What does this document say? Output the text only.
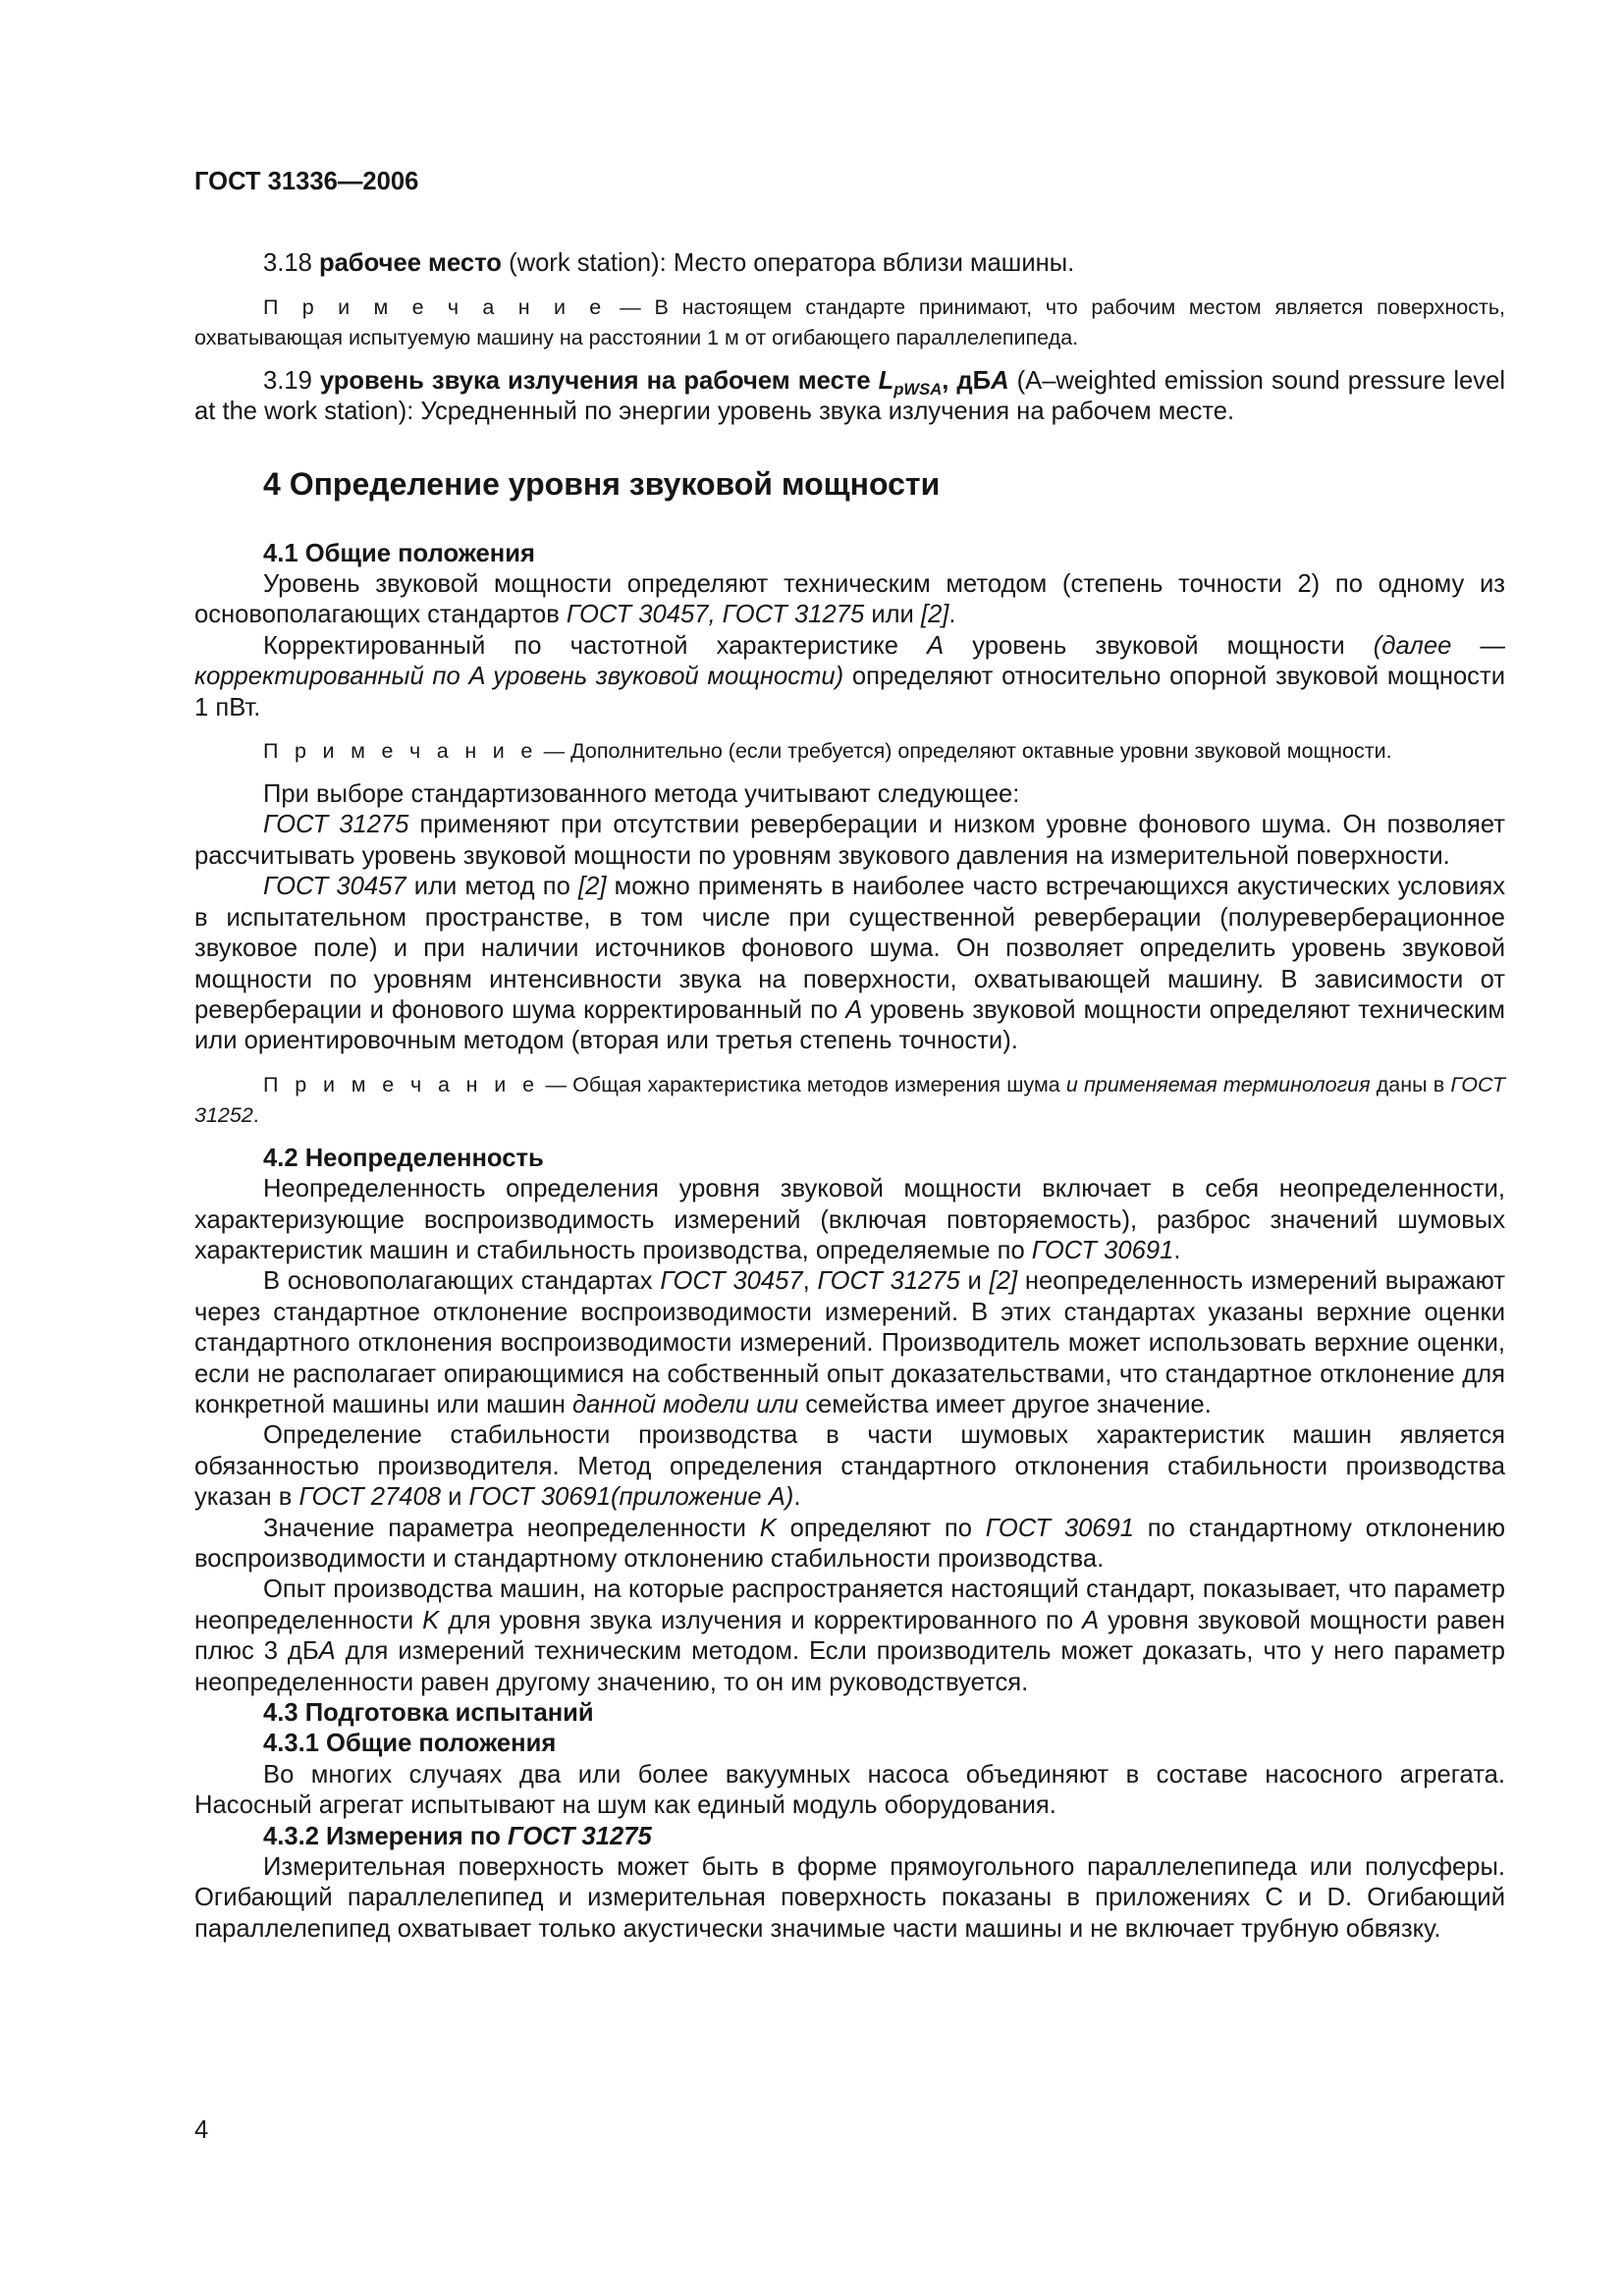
ГОСТ 31336—2006

3.18 рабочее место (work station): Место оператора вблизи машины.

П р и м е ч а н и е — В настоящем стандарте принимают, что рабочим местом является поверхность, охватывающая испытуемую машину на расстоянии 1 м от огибающего параллелепипеда.

3.19 уровень звука излучения на рабочем месте $L_{pWSA}$, дБA (A–weighted emission sound pressure level at the work station): Усредненный по энергии уровень звука излучения на рабочем месте.

4 Определение уровня звуковой мощности

4.1 Общие положения

Уровень звуковой мощности определяют техническим методом (степень точности 2) по одному из основополагающих стандартов ГОСТ 30457, ГОСТ 31275 или [2].

Корректированный по частотной характеристике A уровень звуковой мощности (далее — корректированный по A уровень звуковой мощности) определяют относительно опорной звуковой мощности 1 пВт.

П р и м е ч а н и е — Дополнительно (если требуется) определяют октавные уровни звуковой мощности.

При выборе стандартизованного метода учитывают следующее:

ГОСТ 31275 применяют при отсутствии реверберации и низком уровне фонового шума. Он позволяет рассчитывать уровень звуковой мощности по уровням звукового давления на измерительной поверхности.

ГОСТ 30457 или метод по [2] можно применять в наиболее часто встречающихся акустических условиях в испытательном пространстве, в том числе при существенной реверберации (полуреверберационное звуковое поле) и при наличии источников фонового шума. Он позволяет определить уровень звуковой мощности по уровням интенсивности звука на поверхности, охватывающей машину. В зависимости от реверберации и фонового шума корректированный по A уровень звуковой мощности определяют техническим или ориентировочным методом (вторая или третья степень точности).

П р и м е ч а н и е — Общая характеристика методов измерения шума и применяемая терминология даны в ГОСТ 31252.

4.2 Неопределенность

Неопределенность определения уровня звуковой мощности включает в себя неопределенности, характеризующие воспроизводимость измерений (включая повторяемость), разброс значений шумовых характеристик машин и стабильность производства, определяемые по ГОСТ 30691.

В основополагающих стандартах ГОСТ 30457, ГОСТ 31275 и [2] неопределенность измерений выражают через стандартное отклонение воспроизводимости измерений. В этих стандартах указаны верхние оценки стандартного отклонения воспроизводимости измерений. Производитель может использовать верхние оценки, если не располагает опирающимися на собственный опыт доказательствами, что стандартное отклонение для конкретной машины или машин данной модели или семейства имеет другое значение.

Определение стабильности производства в части шумовых характеристик машин является обязанностью производителя. Метод определения стандартного отклонения стабильности производства указан в ГОСТ 27408 и ГОСТ 30691(приложение A).

Значение параметра неопределенности K определяют по ГОСТ 30691 по стандартному отклонению воспроизводимости и стандартному отклонению стабильности производства.

Опыт производства машин, на которые распространяется настоящий стандарт, показывает, что параметр неопределенности K для уровня звука излучения и корректированного по A уровня звуковой мощности равен плюс 3 дБA для измерений техническим методом. Если производитель может доказать, что у него параметр неопределенности равен другому значению, то он им руководствуется.

4.3 Подготовка испытаний

4.3.1 Общие положения

Во многих случаях два или более вакуумных насоса объединяют в составе насосного агрегата. Насосный агрегат испытывают на шум как единый модуль оборудования.

4.3.2 Измерения по ГОСТ 31275

Измерительная поверхность может быть в форме прямоугольного параллелепипеда или полусферы. Огибающий параллелепипед и измерительная поверхность показаны в приложениях C и D. Огибающий параллелепипед охватывает только акустически значимые части машины и не включает трубную обвязку.

4
